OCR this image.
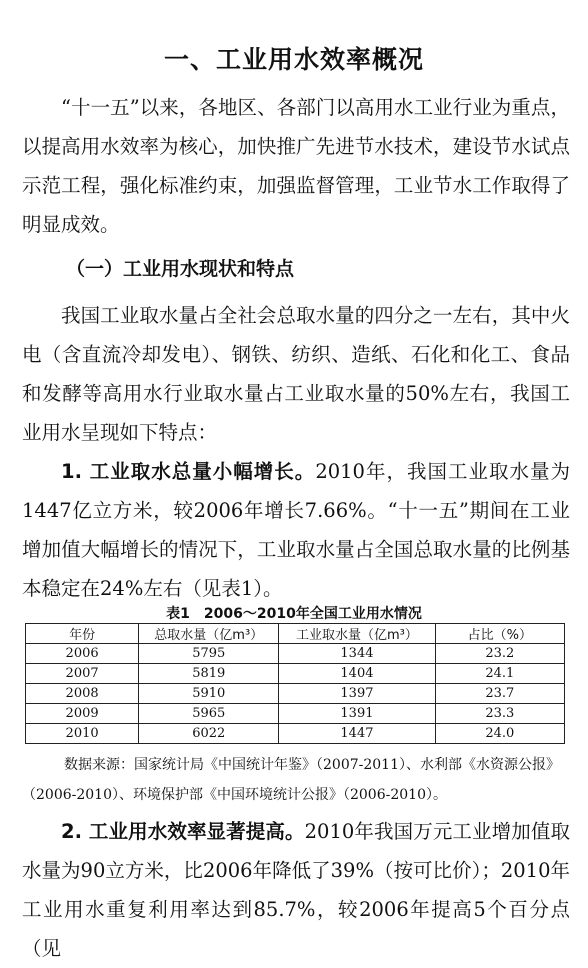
一、工业用水效率概况

“十一五”以来，各地区、各部门以高用水工业行业为重点，以提高用水效率为核心，加快推广先进节水技术，建设节水试点示范工程，强化标准约束，加强监督管理，工业节水工作取得了明显成效。

（一）工业用水现状和特点

我国工业取水量占全社会总取水量的四分之一左右，其中火电（含直流冷却发电）、钢铁、纺织、造纸、石化和化工、食品和发酵等高用水行业取水量占工业取水量的50%左右，我国工业用水呈现如下特点：

1. 工业取水总量小幅增长。2010年，我国工业取水量为1447亿立方米，较2006年增长7.66%。“十一五”期间在工业增加值大幅增长的情况下，工业取水量占全国总取水量的比例基本稳定在24%左右（见表1）。

表1　2006～2010年全国工业用水情况
年份	总取水量（亿m³）	工业取水量（亿m³）	占比（%）
2006	5795	1344	23.2
2007	5819	1404	24.1
2008	5910	1397	23.7
2009	5965	1391	23.3
2010	6022	1447	24.0

数据来源：国家统计局《中国统计年鉴》（2007-2011）、水利部《水资源公报》（2006-2010）、环境保护部《中国环境统计公报》（2006-2010）。

2. 工业用水效率显著提高。2010年我国万元工业增加值取水量为90立方米，比2006年降低了39%（按可比价）；2010年工业用水重复利用率达到85.7%，较2006年提高5个百分点（见
